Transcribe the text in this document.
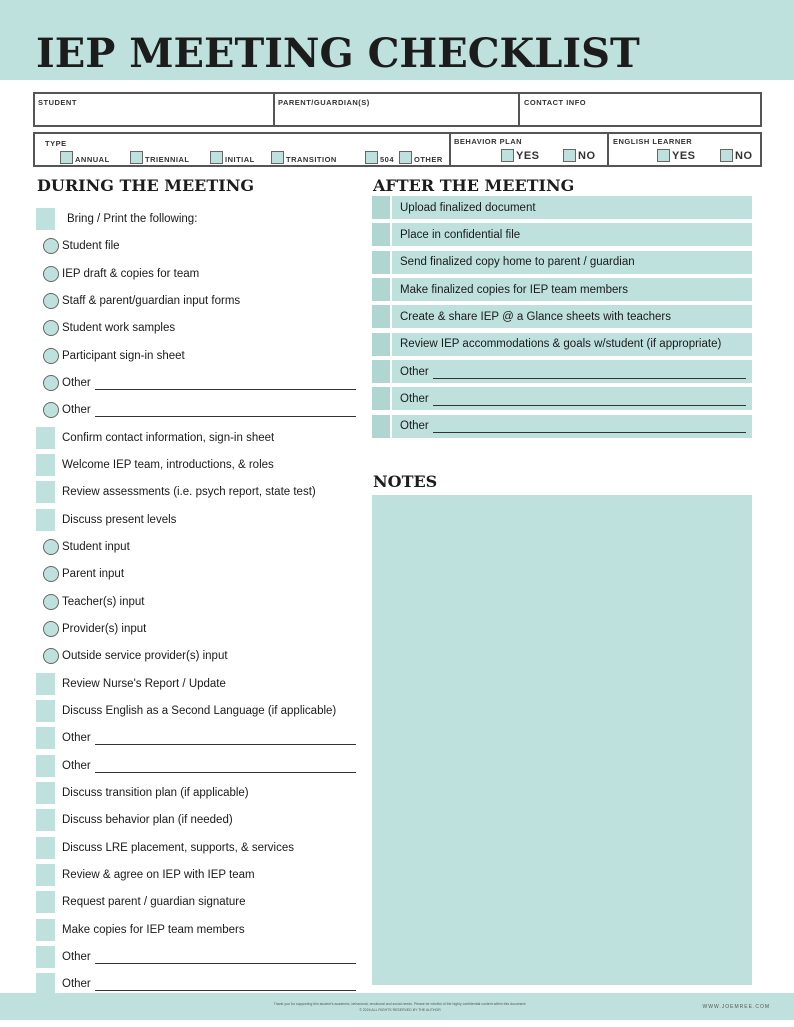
IEP MEETING CHECKLIST
STUDENT	PARENT/GUARDIAN(S)	CONTACT INFO
TYPE
ANNUAL	TRIENNIAL	INITIAL	TRANSITION	504	OTHER
BEHAVIOR PLAN
YES	NO
ENGLISH LEARNER
YES	NO
DURING THE MEETING	AFTER THE MEETING
Bring / Print the following:
Student file
IEP draft & copies for team
Staff & parent/guardian input forms
Student work samples
Participant sign-in sheet
Other
Other
Confirm contact information, sign-in sheet
Welcome IEP team, introductions, & roles
Review assessments (i.e. psych report, state test)
Discuss present levels
Student input
Parent input
Teacher(s) input
Provider(s) input
Outside service provider(s) input
Review Nurse's Report / Update
Discuss English as a Second Language (if applicable)
Other
Other
Discuss transition plan (if applicable)
Discuss behavior plan (if needed)
Discuss LRE placement, supports, & services
Review & agree on IEP with IEP team
Request parent / guardian signature
Make copies for IEP team members
Other
Other
Upload finalized document
Place in confidential file
Send finalized copy home to parent / guardian
Make finalized copies for IEP team members
Create & share IEP @ a Glance sheets with teachers
Review IEP accommodations & goals w/student (if appropriate)
Other
Other
Other
NOTES
Thank you for supporting this student's academic, behavioral, emotional and social needs. Please be mindful of the highly confidential content within this document.
© 2024 ALL RIGHTS RESERVED BY THE AUTHOR	WWW.JOEMREE.COM
